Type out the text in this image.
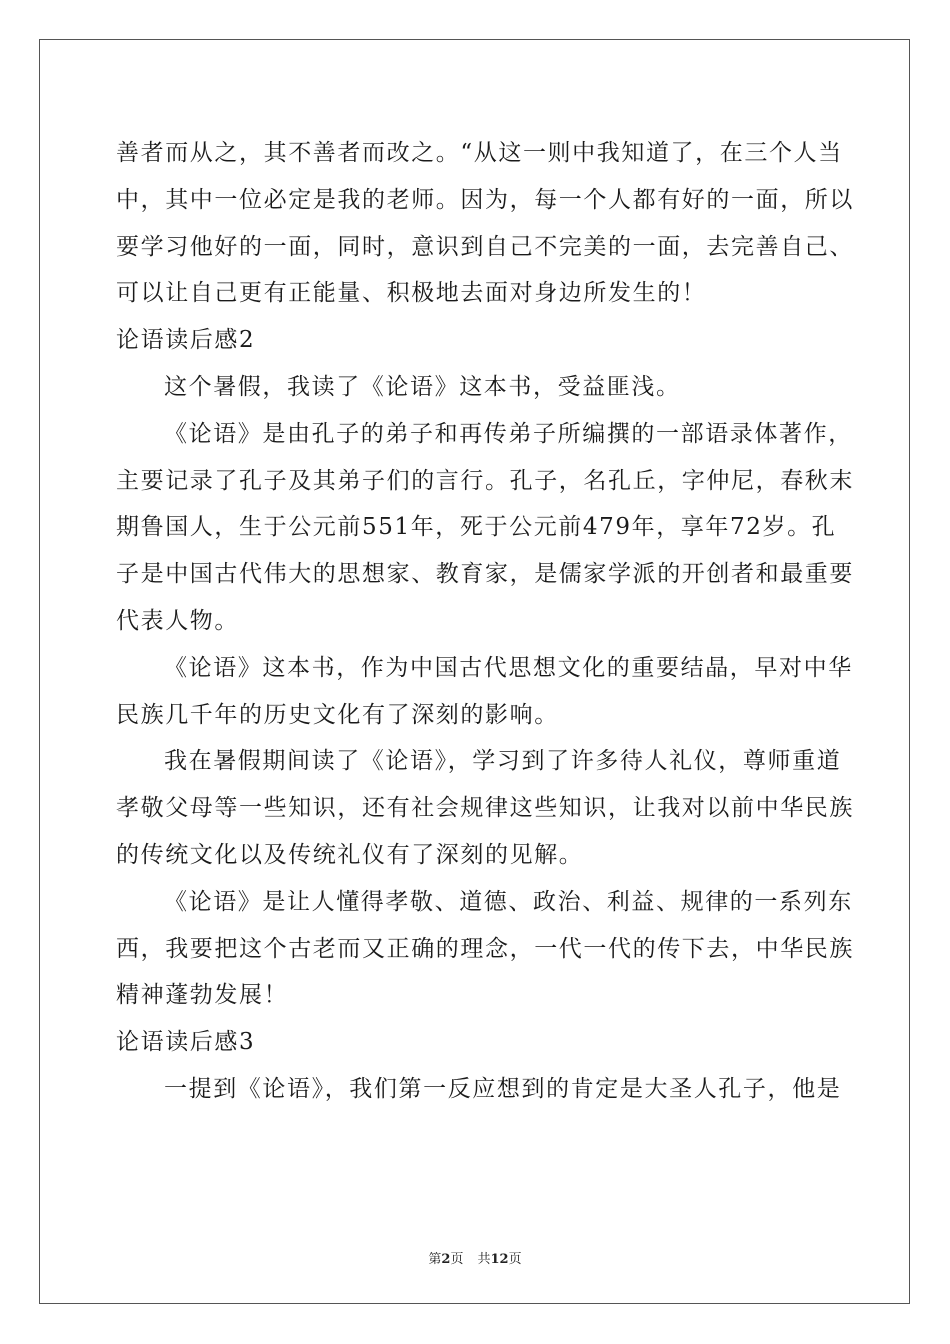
善者而从之，其不善者而改之。“从这一则中我知道了，在三个人当

中，其中一位必定是我的老师。因为，每一个人都有好的一面，所以

要学习他好的一面，同时，意识到自己不完美的一面，去完善自己、

可以让自己更有正能量、积极地去面对身边所发生的！

论语读后感2

这个暑假，我读了《论语》这本书，受益匪浅。

《论语》是由孔子的弟子和再传弟子所编撰的一部语录体著作，

主要记录了孔子及其弟子们的言行。孔子，名孔丘，字仲尼，春秋末

期鲁国人，生于公元前551年，死于公元前479年，享年72岁。孔

子是中国古代伟大的思想家、教育家，是儒家学派的开创者和最重要

代表人物。

《论语》这本书，作为中国古代思想文化的重要结晶，早对中华

民族几千年的历史文化有了深刻的影响。

我在暑假期间读了《论语》，学习到了许多待人礼仪，尊师重道

孝敬父母等一些知识，还有社会规律这些知识，让我对以前中华民族

的传统文化以及传统礼仪有了深刻的见解。

《论语》是让人懂得孝敬、道德、政治、利益、规律的一系列东

西，我要把这个古老而又正确的理念，一代一代的传下去，中华民族

精神蓬勃发展！

论语读后感3

一提到《论语》，我们第一反应想到的肯定是大圣人孔子，他是

第2页 共12页
